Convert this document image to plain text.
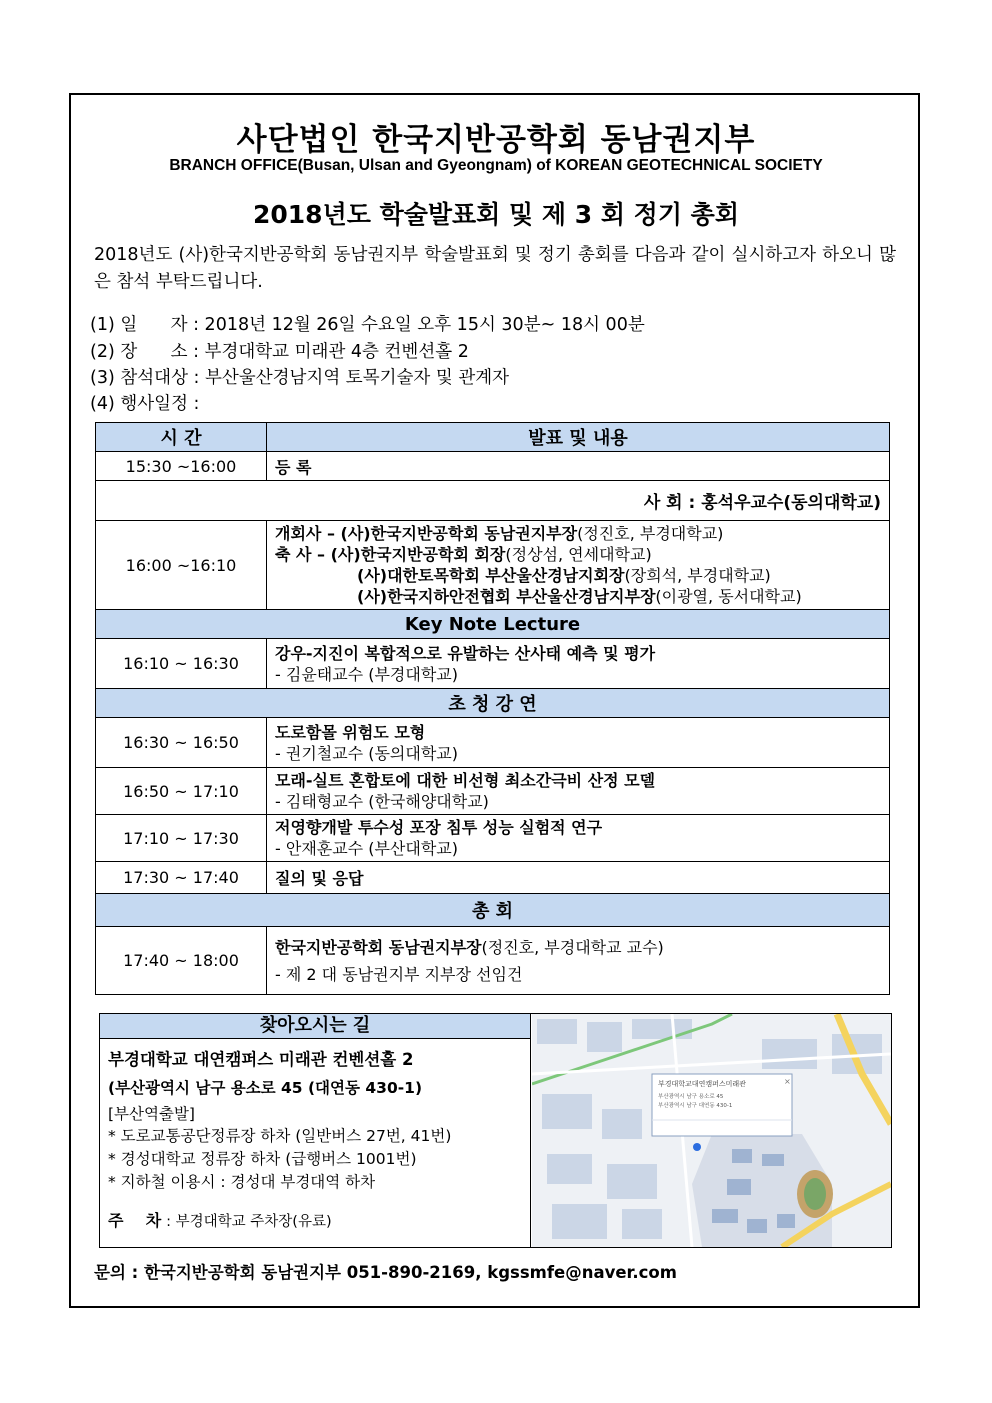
사단법인 한국지반공학회 동남권지부
BRANCH OFFICE(Busan, Ulsan and Gyeongnam) of KOREAN GEOTECHNICAL SOCIETY
2018년도 학술발표회 및 제 3 회 정기 총회
2018년도 (사)한국지반공학회 동남권지부 학술발표회 및 정기 총회를 다음과 같이 실시하고자 하오니 많은 참석 부탁드립니다.
(1) 일      자 : 2018년 12월 26일 수요일 오후 15시 30분~ 18시 00분
(2) 장      소 : 부경대학교 미래관 4층 컨벤션홀 2
(3) 참석대상 : 부산울산경남지역 토목기술자 및 관계자
(4) 행사일정 :
시 간	발표 및 내용
15:30 ~16:00	등 록
사 회 : 홍석우교수(동의대학교)	
16:00 ~16:10	개회사 – (사)한국지반공학회 동남권지부장(정진호, 부경대학교)
축 사 – (사)한국지반공학회 회장(정상섬, 연세대학교)
(사)대한토목학회 부산울산경남지회장(장희석, 부경대학교)
(사)한국지하안전협회 부산울산경남지부장(이광열, 동서대학교)

Key Note Lecture	
16:10 ~ 16:30	강우-지진이 복합적으로 유발하는 산사태 예측 및 평가
- 김윤태교수 (부경대학교)

초 청 강 연	
16:30 ~ 16:50	도로함몰 위험도 모형
- 권기철교수 (동의대학교)

16:50 ~ 17:10	모래-실트 혼합토에 대한 비선형 최소간극비 산정 모델
- 김태형교수 (한국해양대학교)

17:10 ~ 17:30	저영향개발 투수성 포장 침투 성능 실험적 연구
- 안재훈교수 (부산대학교)

17:30 ~ 17:40	질의 및 응답
총 회	
17:40 ~ 18:00	한국지반공학회 동남권지부장(정진호, 부경대학교 교수)
- 제 2 대 동남권지부 지부장 선임건
찾아오시는 길
부경대학교 대연캠퍼스 미래관 컨벤션홀 2
(부산광역시 남구 용소로 45 (대연동 430-1)
[부산역출발]
* 도로교통공단정류장 하차 (일반버스 27번, 41번)
* 경성대학교 정류장 하차 (급행버스 1001번)
* 지하철 이용시 : 경성대 부경대역 하차
주    차 : 부경대학교 주차장(유료)
부경대학교대연캠퍼스미래관
부산광역시 남구 용소로 45
부산광역시 남구 대연동 430-1
×
문의 : 한국지반공학회 동남권지부 051-890-2169, kgssmfe@naver.com
